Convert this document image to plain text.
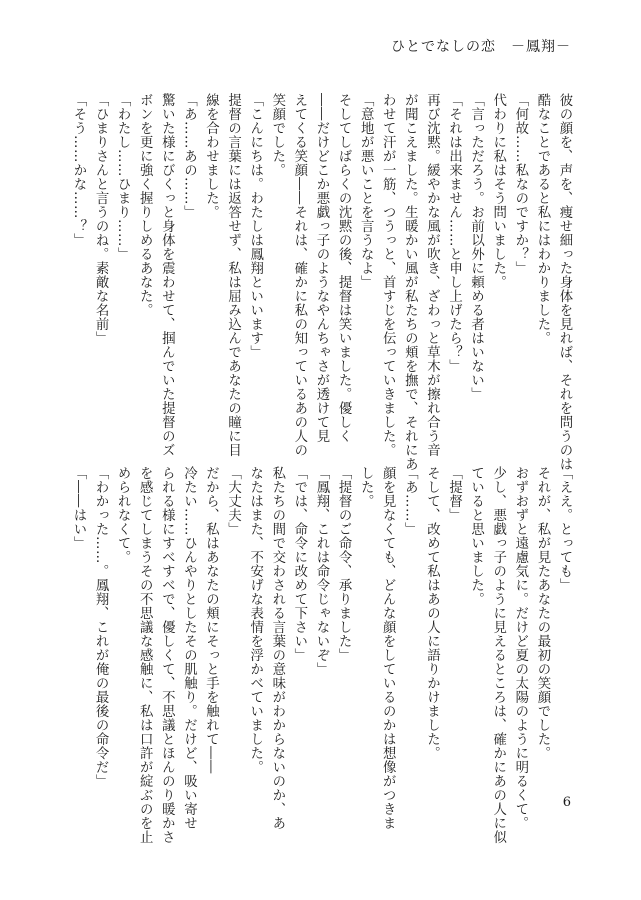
ひとでなしの恋　－鳳翔－
彼の顔を、声を、痩せ細った身体を見れば、それを問うのは
酷なことであると私にはわかりました。
「何故……私なのですか？」
代わりに私はそう問いました。
「言っただろう。お前以外に頼める者はいない」
「それは出来ません……と申し上げたら？」
再び沈黙。緩やかな風が吹き、ざわっと草木が擦れ合う音
が聞こえました。生暖かい風が私たちの頬を撫で、それにあ
わせて汗が一筋、つうっと、首すじを伝っていきました。
「意地が悪いことを言うなよ」
そしてしばらくの沈黙の後、提督は笑いました。優しく
――だけどこか悪戯っ子のようなやんちゃさが透けて見
えてくる笑顔――それは、確かに私の知っているあの人の
笑顔でした。
「こんにちは。わたしは鳳翔といいます」
提督の言葉には返答せず、私は屈み込んであなたの瞳に目
線を合わせました。
「あ……あの……」
驚いた様にびくっと身体を震わせて、掴んでいた提督のズ
ボンを更に強く握りしめるあなた。
「わたし……ひまり……」
「ひまりさんと言うのね。素敵な名前」
「そう……かな……？」
「ええ。とっても」
それが、私が見たあなたの最初の笑顔でした。
おずおずと遠慮気に。だけど夏の太陽のように明るくて。
少し、悪戯っ子のように見えるところは、確かにあの人に似
ていると思いました。
「提督」
そして、改めて私はあの人に語りかけました。
「あ……」
顔を見なくても、どんな顔をしているのかは想像がつきま
した。
「提督のご命令、承りました」
「鳳翔、これは命令じゃないぞ」
「では、命令に改めて下さい」
私たちの間で交わされる言葉の意味がわからないのか、あ
なたはまた、不安げな表情を浮かべていました。
「大丈夫」
だから、私はあなたの頬にそっと手を触れて――
冷たい……ひんやりとしたその肌触り。だけど、吸い寄せ
られる様にすべすべで、優しくて、不思議とほんのり暖かさ
を感じてしまうその不思議な感触に、私は口許が綻ぶのを止
められなくて。
「わかった……。鳳翔、これが俺の最後の命令だ」
「――はい」
6
